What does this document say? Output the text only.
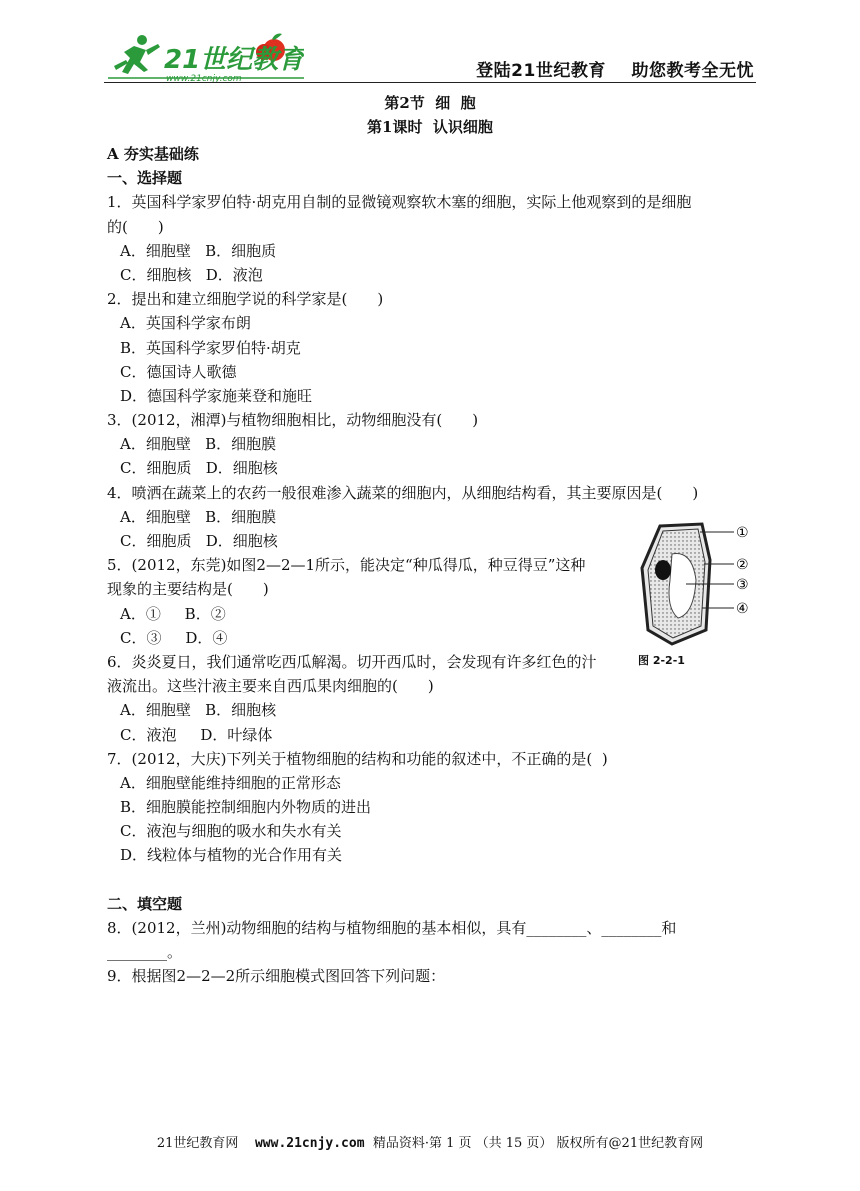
21世纪教育
www.21cnjy.com	登陆21世纪教育    助您教考全无忧
第2节  细  胞
第1课时  认识细胞
A 夯实基础练
一、选择题
1．英国科学家罗伯特·胡克用自制的显微镜观察软木塞的细胞，实际上他观察到的是细胞
的(　　)
A．细胞壁   B．细胞质
C．细胞核   D．液泡
2．提出和建立细胞学说的科学家是(　　)
A．英国科学家布朗
B．英国科学家罗伯特·胡克
C．德国诗人歌德
D．德国科学家施莱登和施旺
3．(2012，湘潭)与植物细胞相比，动物细胞没有(　　)
A．细胞壁   B．细胞膜
C．细胞质   D．细胞核
4．喷洒在蔬菜上的农药一般很难渗入蔬菜的细胞内，从细胞结构看，其主要原因是(　　)
A．细胞壁   B．细胞膜
C．细胞质   D．细胞核
5．(2012，东莞)如图2—2—1所示，能决定“种瓜得瓜，种豆得豆”这种
现象的主要结构是(　　)
A．①     B．②
C．③     D．④
6．炎炎夏日，我们通常吃西瓜解渴。切开西瓜时，会发现有许多红色的汁
液流出。这些汁液主要来自西瓜果肉细胞的(　　)
A．细胞壁   B．细胞核
C．液泡     D．叶绿体
7．(2012，大庆)下列关于植物细胞的结构和功能的叙述中，不正确的是(  )
A．细胞壁能维持细胞的正常形态
B．细胞膜能控制细胞内外物质的进出
C．液泡与细胞的吸水和失水有关
D．线粒体与植物的光合作用有关
二、填空题
8．(2012，兰州)动物细胞的结构与植物细胞的基本相似，具有________、________和
________。
9．根据图2—2—2所示细胞模式图回答下列问题：
①
②
③
④
图 2-2-1
21世纪教育网 www.21cnjy.com 精品资料·第 1 页 （共 15 页） 版权所有@21世纪教育网
